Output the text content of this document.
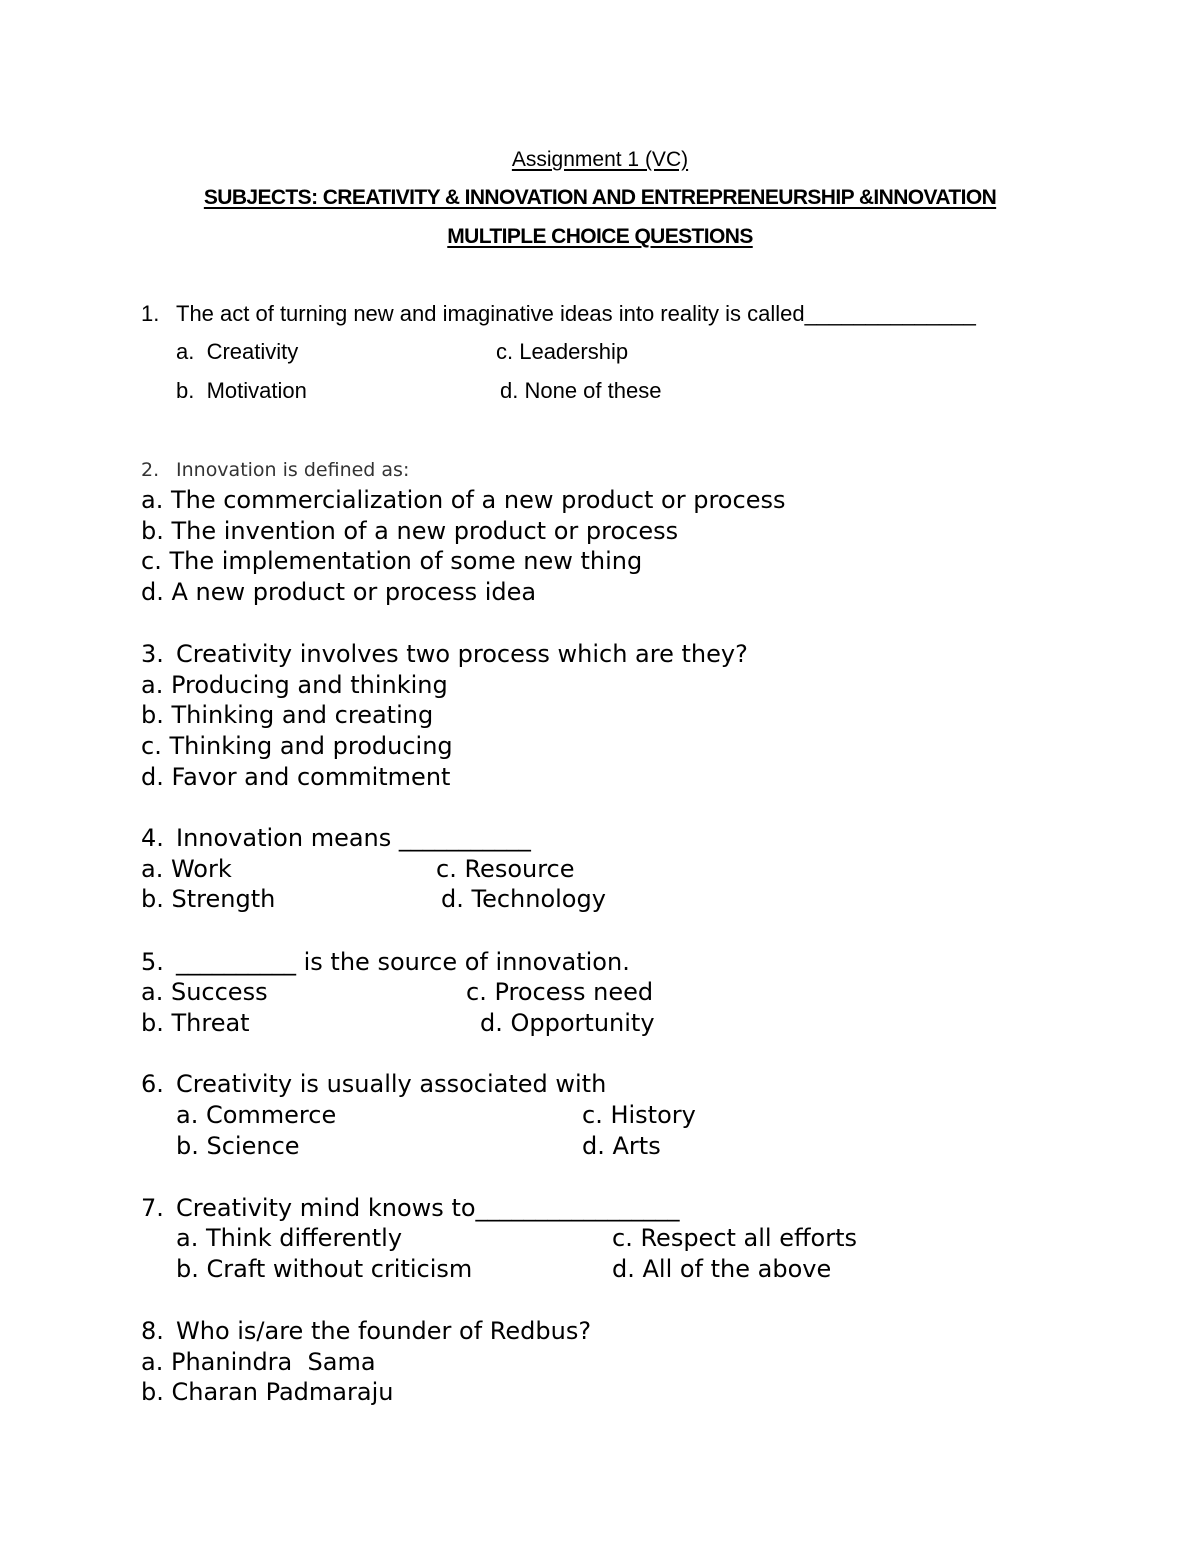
Assignment 1 (VC)
SUBJECTS: CREATIVITY & INNOVATION AND ENTREPRENEURSHIP &INNOVATION
MULTIPLE CHOICE QUESTIONS
1. The act of turning new and imaginative ideas into reality is called______________
a.  Creativity	c. Leadership
b.  Motivation	d. None of these
2. Innovation is defined as:
a. The commercialization of a new product or process
b. The invention of a new product or process
c. The implementation of some new thing
d. A new product or process idea
3. Creativity involves two process which are they?
a. Producing and thinking
b. Thinking and creating
c. Thinking and producing
d. Favor and commitment
4. Innovation means ___________
a. Work	c. Resource
b. Strength	d. Technology
5. __________ is the source of innovation.
a. Success	c. Process need
b. Threat	d. Opportunity
6. Creativity is usually associated with
a. Commerce	c. History
b. Science	d. Arts
7. Creativity mind knows to_________________
a. Think differently	c. Respect all efforts
b. Craft without criticism	d. All of the above
8. Who is/are the founder of Redbus?
a. Phanindra  Sama
b. Charan Padmaraju
